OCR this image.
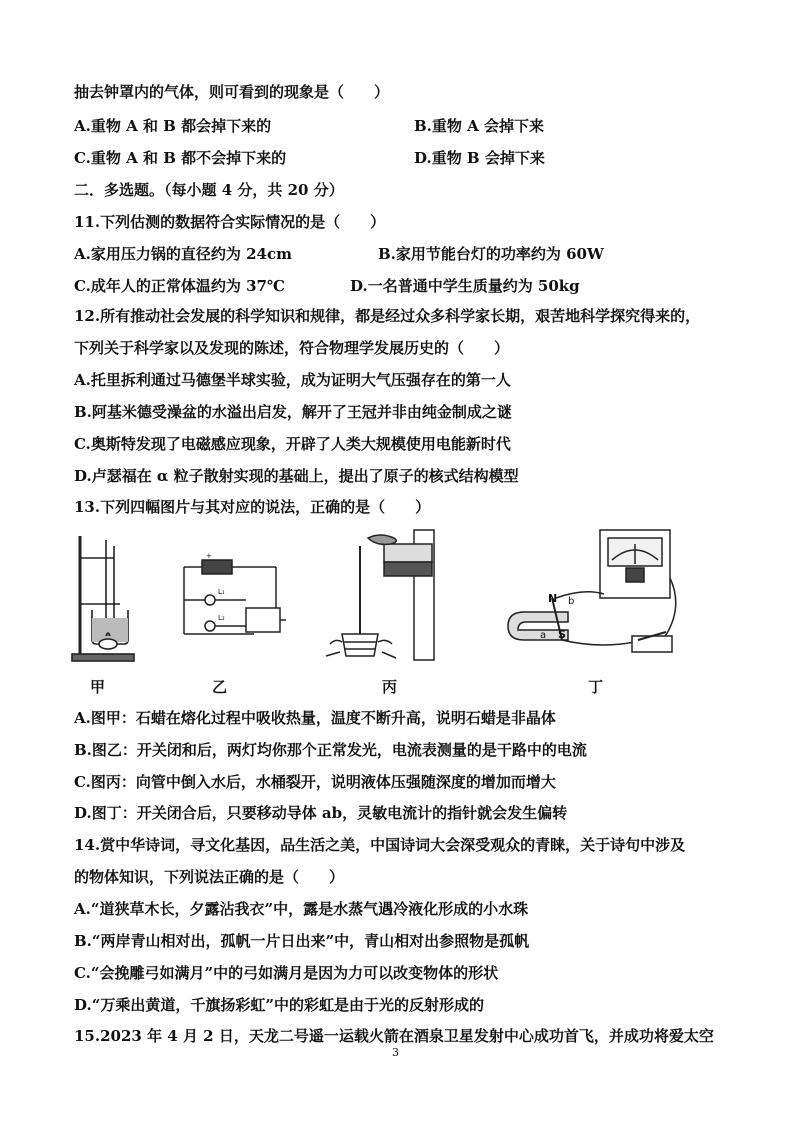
抽去钟罩内的气体，则可看到的现象是（　　）
A.重物 A 和 B 都会掉下来的	B.重物 A 会掉下来
C.重物 A 和 B 都不会掉下来的	D.重物 B 会掉下来
二．多选题。（每小题 4 分，共 20 分）
11.下列估测的数据符合实际情况的是（　　）
A.家用压力锅的直径约为 24cm	B.家用节能台灯的功率约为 60W
C.成年人的正常体温约为 37℃	D.一名普通中学生质量约为 50kg
12.所有推动社会发展的科学知识和规律，都是经过众多科学家长期，艰苦地科学探究得来的，
下列关于科学家以及发现的陈述，符合物理学发展历史的（　　）
A.托里拆利通过马德堡半球实验，成为证明大气压强存在的第一人
B.阿基米德受澡盆的水溢出启发，解开了王冠并非由纯金制成之谜
C.奥斯特发现了电磁感应现象，开辟了人类大规模使用电能新时代
D.卢瑟福在 α 粒子散射实现的基础上，提出了原子的核式结构模型
13.下列四幅图片与其对应的说法，正确的是（　　）
甲
+
L₁
L₂
乙	丙
N
S
a
b
丁
A.图甲：石蜡在熔化过程中吸收热量，温度不断升高，说明石蜡是非晶体
B.图乙：开关闭和后，两灯均你那个正常发光，电流表测量的是干路中的电流
C.图丙：向管中倒入水后，水桶裂开，说明液体压强随深度的增加而增大
D.图丁：开关闭合后，只要移动导体 ab，灵敏电流计的指针就会发生偏转
14.赏中华诗词，寻文化基因，品生活之美，中国诗词大会深受观众的青睐，关于诗句中涉及
的物体知识，下列说法正确的是（　　）
A.“道狭草木长，夕露沾我衣”中，露是水蒸气遇冷液化形成的小水珠
B.“两岸青山相对出，孤帆一片日出来”中，青山相对出参照物是孤帆
C.“会挽雕弓如满月”中的弓如满月是因为力可以改变物体的形状
D.“万乘出黄道，千旗扬彩虹”中的彩虹是由于光的反射形成的
15.2023 年 4 月 2 日，天龙二号遥一运载火箭在酒泉卫星发射中心成功首飞，并成功将爱太空
3
